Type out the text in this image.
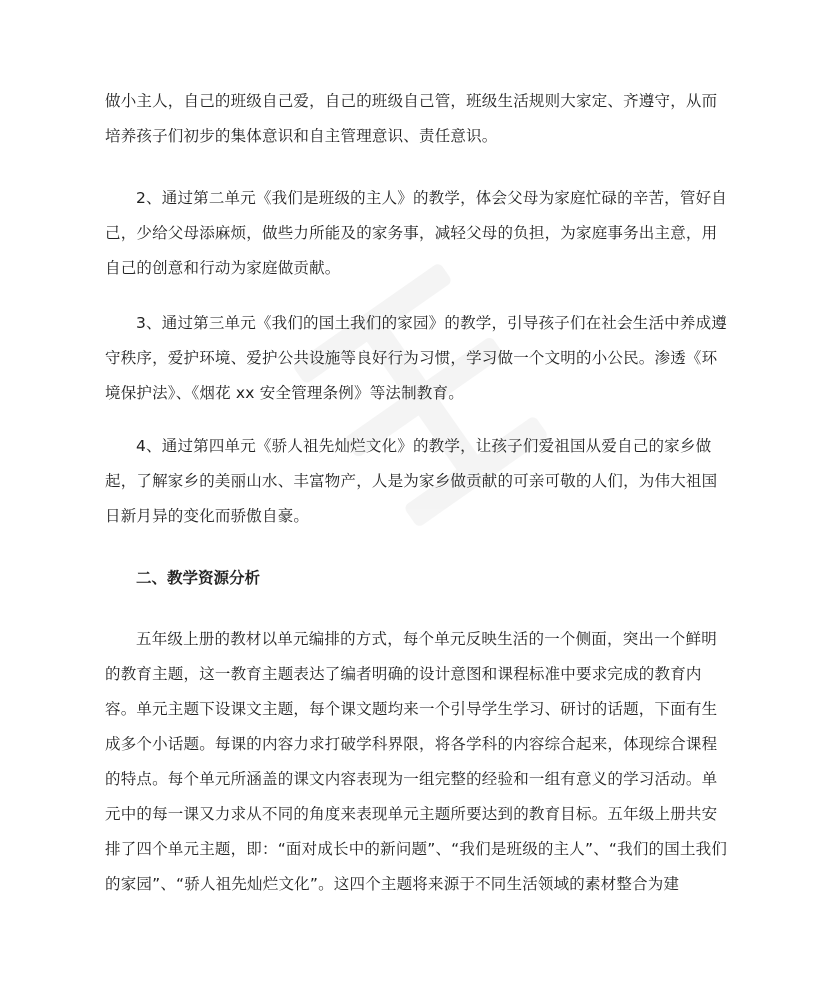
做小主人，自己的班级自己爱，自己的班级自己管，班级生活规则大家定、齐遵守，从而培养孩子们初步的集体意识和自主管理意识、责任意识。

2、通过第二单元《我们是班级的主人》的教学，体会父母为家庭忙碌的辛苦，管好自己，少给父母添麻烦，做些力所能及的家务事，减轻父母的负担，为家庭事务出主意，用自己的创意和行动为家庭做贡献。

3、通过第三单元《我们的国土我们的家园》的教学，引导孩子们在社会生活中养成遵守秩序，爱护环境、爱护公共设施等良好行为习惯，学习做一个文明的小公民。渗透《环境保护法》、《烟花 xx 安全管理条例》等法制教育。

4、通过第四单元《骄人祖先灿烂文化》的教学，让孩子们爱祖国从爱自己的家乡做起，了解家乡的美丽山水、丰富物产，人是为家乡做贡献的可亲可敬的人们，为伟大祖国日新月异的变化而骄傲自豪。

二、教学资源分析

五年级上册的教材以单元编排的方式，每个单元反映生活的一个侧面，突出一个鲜明的教育主题，这一教育主题表达了编者明确的设计意图和课程标准中要求完成的教育内容。单元主题下设课文主题，每个课文题均来一个引导学生学习、研讨的话题，下面有生成多个小话题。每课的内容力求打破学科界限，将各学科的内容综合起来，体现综合课程的特点。每个单元所涵盖的课文内容表现为一组完整的经验和一组有意义的学习活动。单元中的每一课又力求从不同的角度来表现单元主题所要达到的教育目标。五年级上册共安排了四个单元主题，即：“面对成长中的新问题”、“我们是班级的主人”、“我们的国土我们的家园”、“骄人祖先灿烂文化”。这四个主题将来源于不同生活领域的素材整合为建
